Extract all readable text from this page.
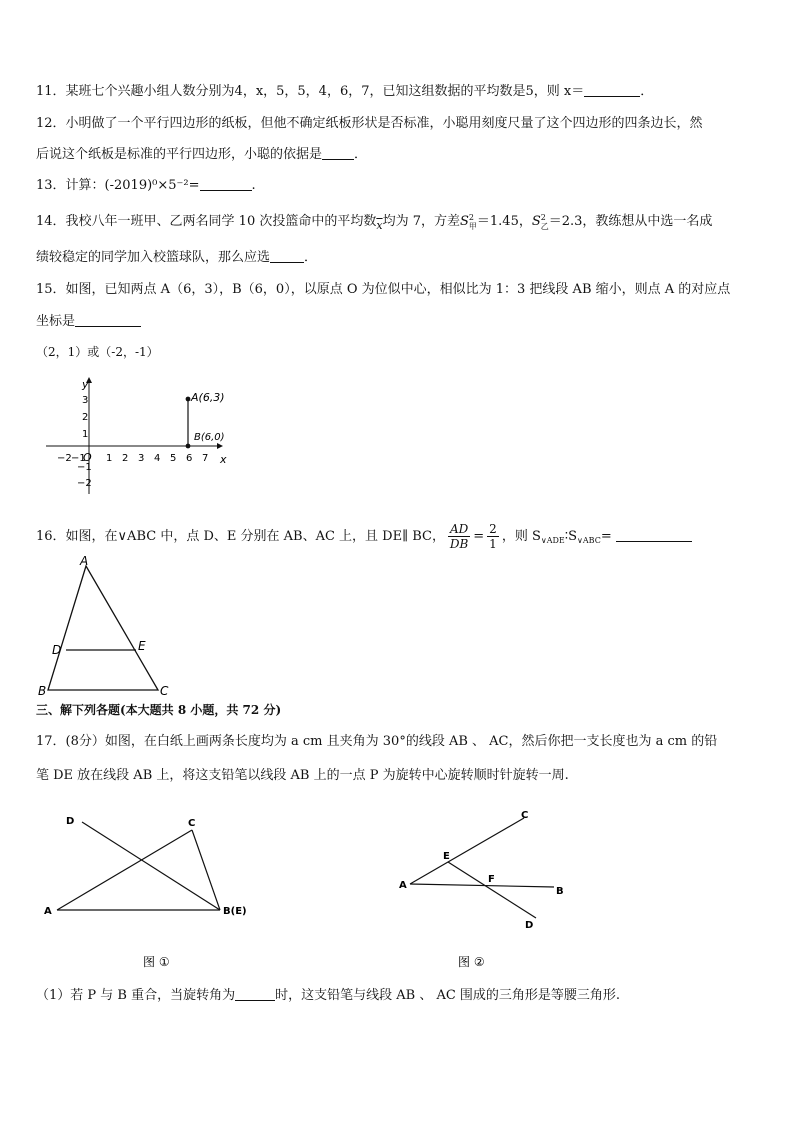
11．某班七个兴趣小组人数分别为4，x，5，5，4，6，7，已知这组数据的平均数是5，则 x＝	．
12．小明做了一个平行四边形的纸板，但他不确定纸板形状是否标准，小聪用刻度尺量了这个四边形的四条边长，然
后说这个纸板是标准的平行四边形，小聪的依据是 ．
13．计算：(-2019)⁰×5⁻²=	.
14．我校八年一班甲、乙两名同学 10 次投篮命中的平均数$_{\overline{x}}$均为 7，方差S 2
甲 ＝1.45，S 2
乙 ＝2.3，教练想从中选一名成
绩较稳定的同学加入校篮球队，那么应选	．
15．如图，已知两点 A（6，3），B（6，0），以原点 O 为位似中心，相似比为 1：3 把线段 AB 缩小，则点 A 的对应点
坐标是
（2，1）或（-2，-1）
y
x
O
−2 −1 1 2 3 4 5 6 7
3
2
1
−1
−2
A(6,3)
B(6,0)
16．如图，在∨ABC 中，点 D、E 分别在 AB、AC 上，且 DE∥ BC， $\frac{AD}{DB} = \frac{2}{1}$ ，则 $S_{\vee ADE}∶S_{\vee ABC}=$
A
B	C
D	E
三、解下列各题(本大题共 8 小题，共 72 分)
17．(8分）如图，在白纸上画两条长度均为 a cm 且夹角为 30°的线段 AB 、 AC，然后你把一支长度也为 a cm 的铅
笔 DE 放在线段 AB 上，将这支铅笔以线段 AB 上的一点 P 为旋转中心旋转顺时针旋转一周.
D	C
A	B(E)
图 ①
C
E
F
A
B
D
图 ②
（1）若 P 与 B 重合，当旋转角为	时，这支铅笔与线段 AB 、 AC 围成的三角形是等腰三角形.
